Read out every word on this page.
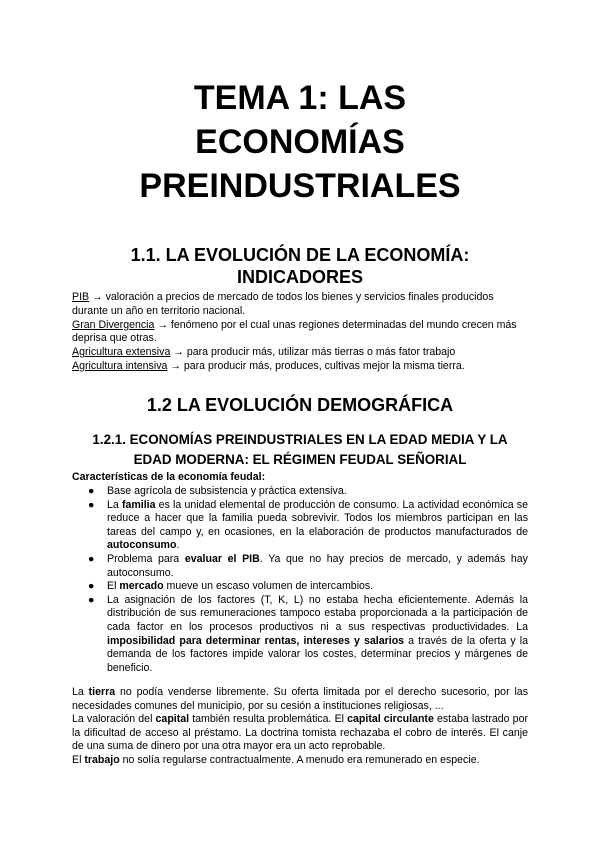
TEMA 1: LAS
ECONOMÍAS
PREINDUSTRIALES
1.1. LA EVOLUCIÓN DE LA ECONOMÍA:
INDICADORES

PIB → valoración a precios de mercado de todos los bienes y servicios finales producidos durante un año en territorio nacional.

Gran Divergencia → fenómeno por el cual unas regiones determinadas del mundo crecen más deprisa que otras.

Agricultura extensiva → para producir más, utilizar más tierras o más fator trabajo

Agricultura intensiva → para producir más, produces, cultivas mejor la misma tierra.

1.2 LA EVOLUCIÓN DEMOGRÁFICA
1.2.1. ECONOMÍAS PREINDUSTRIALES EN LA EDAD MEDIA Y LA
EDAD MODERNA: EL RÉGIMEN FEUDAL SEÑORIAL
Características de la economía feudal:
● Base agrícola de subsistencia y práctica extensiva.
● La familia es la unidad elemental de producción de consumo. La actividad económica se reduce a hacer que la familia pueda sobrevivir. Todos los miembros participan en las tareas del campo y, en ocasiones, en la elaboración de productos manufacturados de autoconsumo.
● Problema para evaluar el PIB. Ya que no hay precios de mercado, y además hay autoconsumo.
● El mercado mueve un escaso volumen de intercambios.
● La asignación de los factores (T, K, L) no estaba hecha eficientemente. Además la distribución de sus remuneraciones tampoco estaba proporcionada a la participación de cada factor en los procesos productivos ni a sus respectivas productividades. La imposibilidad para determinar rentas, intereses y salarios a través de la oferta y la demanda de los factores impide valorar los costes, determinar precios y márgenes de beneficio.

La tierra no podía venderse libremente. Su oferta limitada por el derecho sucesorio, por las necesidades comunes del municipio, por su cesión a instituciones religiosas, ...

La valoración del capital también resulta problemática. El capital circulante estaba lastrado por la dificultad de acceso al préstamo. La doctrina tomista rechazaba el cobro de interés. El canje de una suma de dinero por una otra mayor era un acto reprobable.

El trabajo no solía regularse contractualmente. A menudo era remunerado en especie.
